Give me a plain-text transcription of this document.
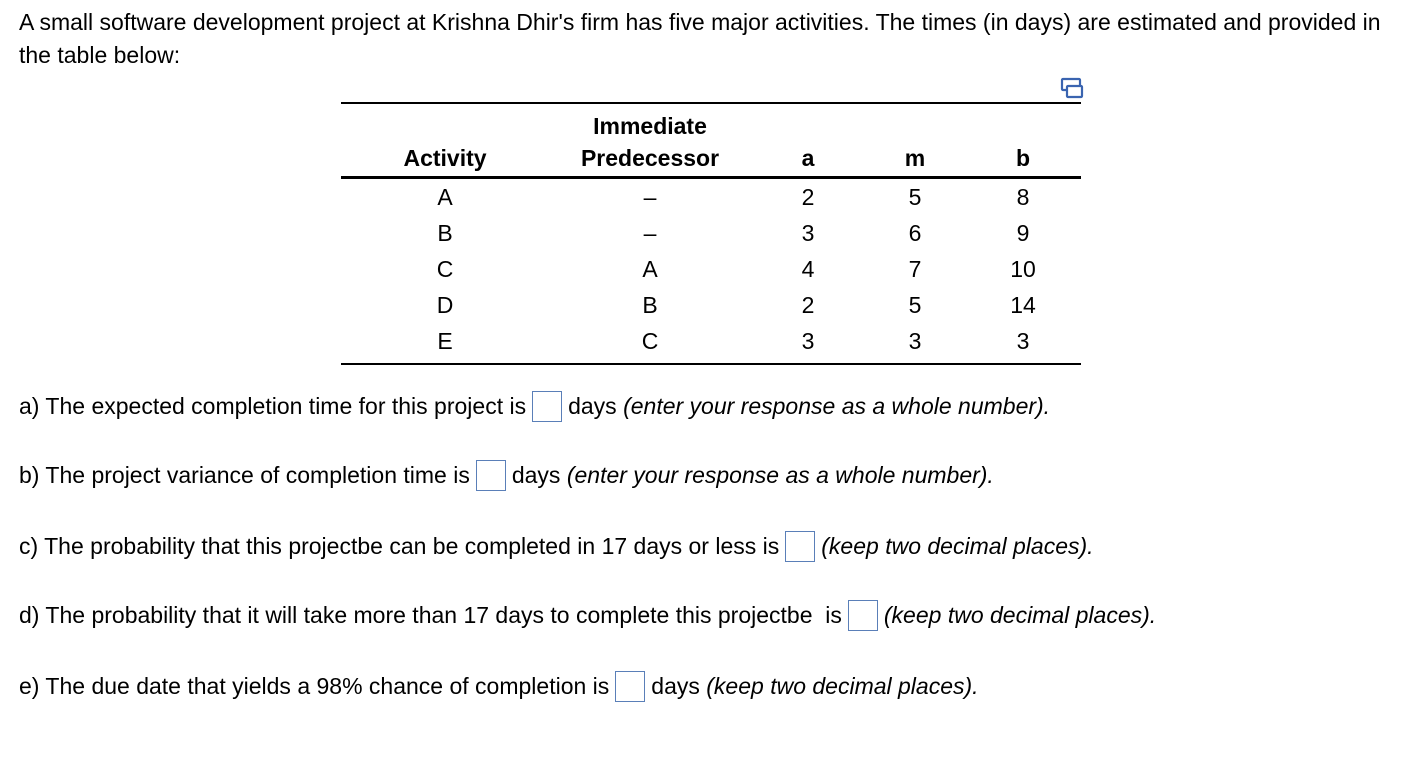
A small software development project at Krishna Dhir's firm has five major activities. The times (in days) are estimated and provided in the table below:

	Immediate			
Activity	Predecessor	a	m	b
A	–	2	5	8
B	–	3	6	9
C	A	4	7	10
D	B	2	5	14
E	C	3	3	3
a) The expected completion time for this project is days
(enter your response as a whole number).
b) The project variance of completion time is days
(enter your response as a whole number).
c) The probability that this projectbe can be completed in 17 days or less is (keep two decimal places).
d) The probability that it will take more than 17 days to complete this projectbe  is (keep two decimal places).
e) The due date that yields a 98% chance of completion is days
(keep two decimal places).
